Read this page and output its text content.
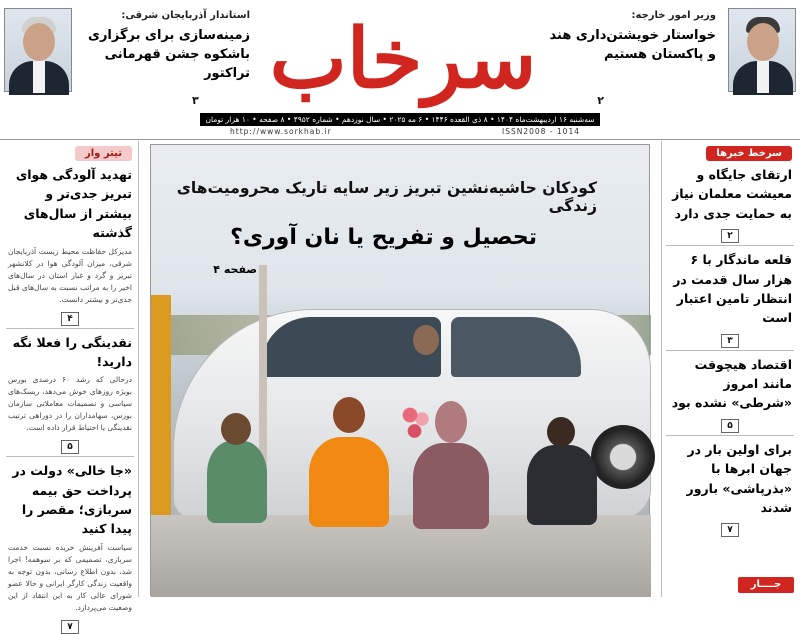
وزیر امور خارجه:
خواستار خویشتن‌داری هند و پاکستان هستیم
۲
سرخاب
استاندار آذربایجان شرقی:
زمینه‌سازی برای برگزاری باشکوه جشن قهرمانی تراکتور
۳
سه‌شنبه ۱۶ اردیبهشت‌ماه ۱۴۰۴ • ۸ ذی القعده ۱۴۴۶ • ۶ مه ۲۰۲۵ • سال نوزدهم • شماره ۴۹۵۲ • ۸ صفحه • ۱۰ هزار تومان
http://www.sorkhab.ir	ISSN2008 - 1014
سرخط خبرها
ارتقای جایگاه و معیشت معلمان نیاز به حمایت جدی دارد
۲
قلعه ماندگار با ۶ هزار سال قدمت در انتظار تامین اعتبار است
۳
اقتصاد هیچوقت مانند امروز «شرطی» نشده بود
۵
برای اولین بار در جهان ابرها با «بذرپاشی» بارور شدند
۷
جــــار
تیتر وار
تهدید آلودگی هوای تبریز جدی‌تر و بیشتر از سال‌های گذشته
مدیرکل حفاظت محیط زیست آذربایجان شرقی، میزان آلودگی هوا در کلانشهر تبریز و گرد و غبار استان در سال‌های اخیر را به مراتب نسبت به سال‌های قبل جدی‌تر و بیشتر دانست.
۴
نقدینگی را فعلا نگه دارید!
درحالی که رشد ۶۰ درصدی بورس بویژه روزهای خوش می‌دهد، ریسک‌های سیاسی و تصمیمات معاملاتی سازمان بورس، سهامداران را در دوراهی ترتیب نقدینگی یا احتیاط قرار داده است.
۵
«جا خالی» دولت در پرداخت حق بیمه سربازی؛ مقصر را پیدا کنید
سیاست آفرینش خریده نسبت خدمت سربازی، تصمیمی که بر سوهمه! اجرا شد، بدون اطلاع رسانی، بدون توجه به واقعیت زندگی کارگر ایرانی و حالا عضو شورای عالی کار به این انتقاد از این وضعیت می‌پردازد.
۷
کودکان حاشیه‌نشین تبریز زیر سایه تاریک محرومیت‌های زندگی
تحصیل و تفریح یا نان آوری؟
صفحه ۴
